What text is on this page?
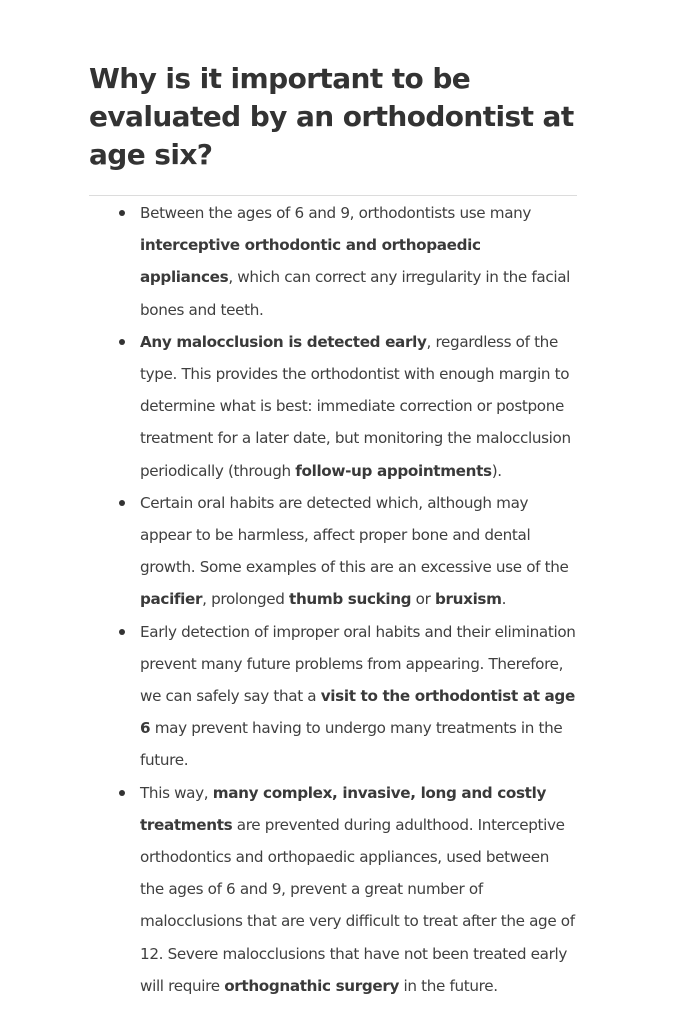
Why is it important to be evaluated by an orthodontist at age six?
Between the ages of 6 and 9, orthodontists use many interceptive orthodontic and orthopaedic appliances, which can correct any irregularity in the facial bones and teeth.
Any malocclusion is detected early, regardless of the type. This provides the orthodontist with enough margin to determine what is best: immediate correction or postpone treatment for a later date, but monitoring the malocclusion periodically (through follow-up appointments).
Certain oral habits are detected which, although may appear to be harmless, affect proper bone and dental growth. Some examples of this are an excessive use of the pacifier, prolonged thumb sucking or bruxism.
Early detection of improper oral habits and their elimination prevent many future problems from appearing. Therefore, we can safely say that a visit to the orthodontist at age 6 may prevent having to undergo many treatments in the future.
This way, many complex, invasive, long and costly treatments are prevented during adulthood. Interceptive orthodontics and orthopaedic appliances, used between the ages of 6 and 9, prevent a great number of malocclusions that are very difficult to treat after the age of 12. Severe malocclusions that have not been treated early will require orthognathic surgery in the future.
